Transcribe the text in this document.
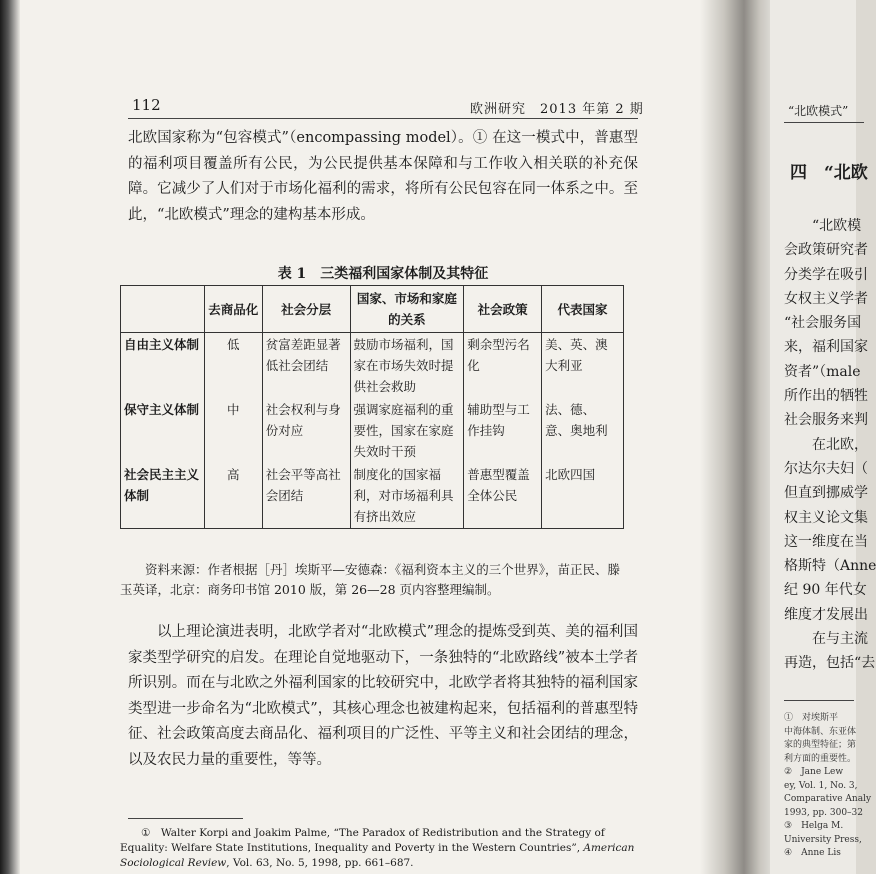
112	欧洲研究　2013 年第 2 期

北欧国家称为“包容模式”（encompassing model）。① 在这一模式中，普惠型的福利项目覆盖所有公民，为公民提供基本保障和与工作收入相关联的补充保障。它减少了人们对于市场化福利的需求，将所有公民包容在同一体系之中。至此，“北欧模式”理念的建构基本形成。

表 1　三类福利国家体制及其特征
	去商品化	社会分层	国家、市场和家庭的关系	社会政策	代表国家
自由主义体制	低	贫富差距显著低社会团结	鼓励市场福利，国家在市场失效时提供社会救助	剩余型污名化	美、英、澳大利亚
保守主义体制	中	社会权利与身份对应	强调家庭福利的重要性，国家在家庭失效时干预	辅助型与工作挂钩	法、德、意、奥地利
社会民主主义体制	高	社会平等高社会团结	制度化的国家福利，对市场福利具有挤出效应	普惠型覆盖全体公民	北欧四国
资料来源：作者根据［丹］埃斯平—安德森：《福利资本主义的三个世界》，苗正民、滕玉英译，北京：商务印书馆 2010 版，第 26—28 页内容整理编制。

以上理论演进表明，北欧学者对“北欧模式”理念的提炼受到英、美的福利国家类型学研究的启发。在理论自觉地驱动下，一条独特的“北欧路线”被本土学者所识别。而在与北欧之外福利国家的比较研究中，北欧学者将其独特的福利国家类型进一步命名为“北欧模式”，其核心理念也被建构起来，包括福利的普惠型特征、社会政策高度去商品化、福利项目的广泛性、平等主义和社会团结的理念，以及农民力量的重要性，等等。

①　Walter Korpi and Joakim Palme, “The Paradox of Redistribution and the Strategy of Equality: Welfare State Institutions, Inequality and Poverty in the Western Countries”, American Sociological Review, Vol. 63, No. 5, 1998, pp. 661–687.
“北欧模式”
四　“北欧
“北欧模
会政策研究者
分类学在吸引
女权主义学者
“社会服务国
来，福利国家
资者”（male
所作出的牺牲
社会服务来判
在北欧，
尔达尔夫妇（
但直到挪威学
权主义论文集
这一维度在当
格斯特（Anne
纪 90 年代女
维度才发展出
在与主流
再造，包括“去
①　对埃斯平
中海体制、东亚体
家的典型特征；第
利方面的重要性。
②　Jane Lew
ey, Vol. 1, No. 3,
Comparative Analy
1993, pp. 300–32
③　Helga M.
University Press,
④　Anne Lis
